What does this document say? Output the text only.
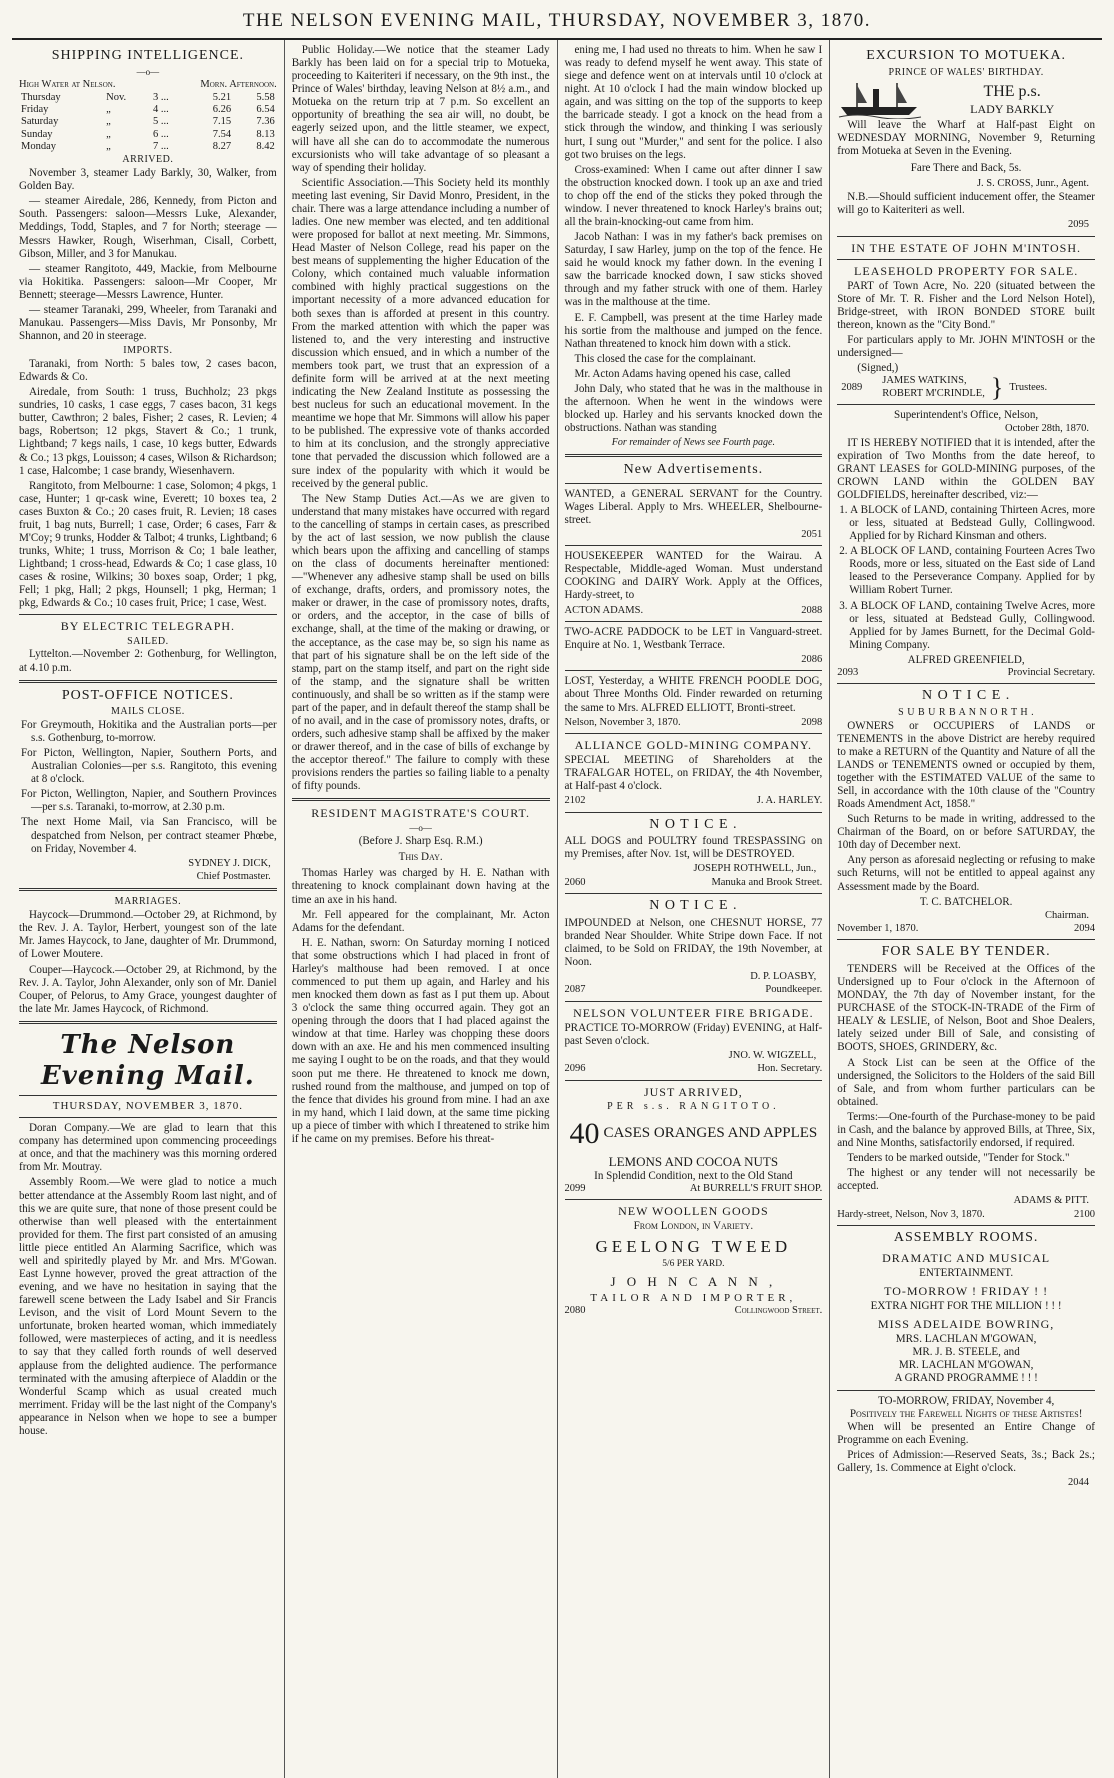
THE NELSON EVENING MAIL, THURSDAY, NOVEMBER 3, 1870.
SHIPPING INTELLIGENCE.
—o—
High Water at Nelson.	Morn. Afternoon.
Thursday	Nov.	3 ...	5.21	5.58
Friday	„	4 ...	6.26	6.54
Saturday	„	5 ...	7.15	7.36
Sunday	„	6 ...	7.54	8.13
Monday	„	7 ...	8.27	8.42
ARRIVED.

November 3, steamer Lady Barkly, 30, Walker, from Golden Bay.

— steamer Airedale, 286, Kennedy, from Picton and South. Passengers: saloon—Messrs Luke, Alexander, Meddings, Todd, Staples, and 7 for North; steerage — Messrs Hawker, Rough, Wiserhman, Cisall, Corbett, Gibson, Miller, and 3 for Manukau.

— steamer Rangitoto, 449, Mackie, from Melbourne via Hokitika. Passengers: saloon—Mr Cooper, Mr Bennett; steerage—Messrs Lawrence, Hunter.

— steamer Taranaki, 299, Wheeler, from Taranaki and Manukau. Passengers—Miss Davis, Mr Ponsonby, Mr Shannon, and 20 in steerage.

IMPORTS.

Taranaki, from North: 5 bales tow, 2 cases bacon, Edwards & Co.

Airedale, from South: 1 truss, Buchholz; 23 pkgs sundries, 10 casks, 1 case eggs, 7 cases bacon, 31 kegs butter, Cawthron; 2 bales, Fisher; 2 cases, R. Levien; 4 bags, Robertson; 12 pkgs, Stavert & Co.; 1 trunk, Lightband; 7 kegs nails, 1 case, 10 kegs butter, Edwards & Co.; 13 pkgs, Louisson; 4 cases, Wilson & Richardson; 1 case, Halcombe; 1 case brandy, Wiesenhavern.

Rangitoto, from Melbourne: 1 case, Solomon; 4 pkgs, 1 case, Hunter; 1 qr-cask wine, Everett; 10 boxes tea, 2 cases Buxton & Co.; 20 cases fruit, R. Levien; 18 cases fruit, 1 bag nuts, Burrell; 1 case, Order; 6 cases, Farr & M'Coy; 9 trunks, Hodder & Talbot; 4 trunks, Lightband; 6 trunks, White; 1 truss, Morrison & Co; 1 bale leather, Lightband; 1 cross-head, Edwards & Co; 1 case glass, 10 cases & rosine, Wilkins; 30 boxes soap, Order; 1 pkg, Fell; 1 pkg, Hall; 2 pkgs, Hounsell; 1 pkg, Herman; 1 pkg, Edwards & Co.; 10 cases fruit, Price; 1 case, West.

BY ELECTRIC TELEGRAPH.
SAILED.

Lyttelton.—November 2: Gothenburg, for Wellington, at 4.10 p.m.

POST-OFFICE NOTICES.
MAILS CLOSE.

For Greymouth, Hokitika and the Australian ports—per s.s. Gothenburg, to-morrow.

For Picton, Wellington, Napier, Southern Ports, and Australian Colonies—per s.s. Rangitoto, this evening at 8 o'clock.

For Picton, Wellington, Napier, and Southern Provinces—per s.s. Taranaki, to-morrow, at 2.30 p.m.

The next Home Mail, via San Francisco, will be despatched from Nelson, per contract steamer Phœbe, on Friday, November 4.

SYDNEY J. DICK,
Chief Postmaster.
MARRIAGES.

Haycock—Drummond.—October 29, at Richmond, by the Rev. J. A. Taylor, Herbert, youngest son of the late Mr. James Haycock, to Jane, daughter of Mr. Drummond, of Lower Moutere.

Couper—Haycock.—October 29, at Richmond, by the Rev. J. A. Taylor, John Alexander, only son of Mr. Daniel Couper, of Pelorus, to Amy Grace, youngest daughter of the late Mr. James Haycock, of Richmond.

The Nelson Evening Mail.
THURSDAY, NOVEMBER 3, 1870.

Doran Company.—We are glad to learn that this company has determined upon commencing proceedings at once, and that the machinery was this morning ordered from Mr. Moutray.

Assembly Room.—We were glad to notice a much better attendance at the Assembly Room last night, and of this we are quite sure, that none of those present could be otherwise than well pleased with the entertainment provided for them. The first part consisted of an amusing little piece entitled An Alarming Sacrifice, which was well and spiritedly played by Mr. and Mrs. M'Gowan. East Lynne however, proved the great attraction of the evening, and we have no hesitation in saying that the farewell scene between the Lady Isabel and Sir Francis Levison, and the visit of Lord Mount Severn to the unfortunate, broken hearted woman, which immediately followed, were masterpieces of acting, and it is needless to say that they called forth rounds of well deserved applause from the delighted audience. The performance terminated with the amusing afterpiece of Aladdin or the Wonderful Scamp which as usual created much merriment. Friday will be the last night of the Company's appearance in Nelson when we hope to see a bumper house.

Public Holiday.—We notice that the steamer Lady Barkly has been laid on for a special trip to Motueka, proceeding to Kaiteriteri if necessary, on the 9th inst., the Prince of Wales' birthday, leaving Nelson at 8½ a.m., and Motueka on the return trip at 7 p.m. So excellent an opportunity of breathing the sea air will, no doubt, be eagerly seized upon, and the little steamer, we expect, will have all she can do to accommodate the numerous excursionists who will take advantage of so pleasant a way of spending their holiday.

Scientific Association.—This Society held its monthly meeting last evening, Sir David Monro, President, in the chair. There was a large attendance including a number of ladies. One new member was elected, and ten additional were proposed for ballot at next meeting. Mr. Simmons, Head Master of Nelson College, read his paper on the best means of supplementing the higher Education of the Colony, which contained much valuable information combined with highly practical suggestions on the important necessity of a more advanced education for both sexes than is afforded at present in this country. From the marked attention with which the paper was listened to, and the very interesting and instructive discussion which ensued, and in which a number of the members took part, we trust that an expression of a definite form will be arrived at at the next meeting indicating the New Zealand Institute as possessing the best nucleus for such an educational movement. In the meantime we hope that Mr. Simmons will allow his paper to be published. The expressive vote of thanks accorded to him at its conclusion, and the strongly appreciative tone that pervaded the discussion which followed are a sure index of the popularity with which it would be received by the general public.

The New Stamp Duties Act.—As we are given to understand that many mistakes have occurred with regard to the cancelling of stamps in certain cases, as prescribed by the act of last session, we now publish the clause which bears upon the affixing and cancelling of stamps on the class of documents hereinafter mentioned:—"Whenever any adhesive stamp shall be used on bills of exchange, drafts, orders, and promissory notes, the maker or drawer, in the case of promissory notes, drafts, or orders, and the acceptor, in the case of bills of exchange, shall, at the time of the making or drawing, or the acceptance, as the case may be, so sign his name as that part of his signature shall be on the left side of the stamp, part on the stamp itself, and part on the right side of the stamp, and the signature shall be written continuously, and shall be so written as if the stamp were part of the paper, and in default thereof the stamp shall be of no avail, and in the case of promissory notes, drafts, or orders, such adhesive stamp shall be affixed by the maker or drawer thereof, and in the case of bills of exchange by the acceptor thereof." The failure to comply with these provisions renders the parties so failing liable to a penalty of fifty pounds.

RESIDENT MAGISTRATE'S COURT.
—o—
(Before J. Sharp Esq. R.M.)
This Day.

Thomas Harley was charged by H. E. Nathan with threatening to knock complainant down having at the time an axe in his hand.

Mr. Fell appeared for the complainant, Mr. Acton Adams for the defendant.

H. E. Nathan, sworn: On Saturday morning I noticed that some obstructions which I had placed in front of Harley's malthouse had been removed. I at once commenced to put them up again, and Harley and his men knocked them down as fast as I put them up. About 3 o'clock the same thing occurred again. They got an opening through the doors that I had placed against the window at that time. Harley was chopping these doors down with an axe. He and his men commenced insulting me saying I ought to be on the roads, and that they would soon put me there. He threatened to knock me down, rushed round from the malthouse, and jumped on top of the fence that divides his ground from mine. I had an axe in my hand, which I laid down, at the same time picking up a piece of timber with which I threatened to strike him if he came on my premises. Before his threat-

ening me, I had used no threats to him. When he saw I was ready to defend myself he went away. This state of siege and defence went on at intervals until 10 o'clock at night. At 10 o'clock I had the main window blocked up again, and was sitting on the top of the supports to keep the barricade steady. I got a knock on the head from a stick through the window, and thinking I was seriously hurt, I sung out "Murder," and sent for the police. I also got two bruises on the legs.

Cross-examined: When I came out after dinner I saw the obstruction knocked down. I took up an axe and tried to chop off the end of the sticks they poked through the window. I never threatened to knock Harley's brains out; all the brain-knocking-out came from him.

Jacob Nathan: I was in my father's back premises on Saturday, I saw Harley, jump on the top of the fence. He said he would knock my father down. In the evening I saw the barricade knocked down, I saw sticks shoved through and my father struck with one of them. Harley was in the malthouse at the time.

E. F. Campbell, was present at the time Harley made his sortie from the malthouse and jumped on the fence. Nathan threatened to knock him down with a stick.

This closed the case for the complainant.

Mr. Acton Adams having opened his case, called

John Daly, who stated that he was in the malthouse in the afternoon. When he went in the windows were blocked up. Harley and his servants knocked down the obstructions. Nathan was standing

For remainder of News see Fourth page.
New Advertisements.

WANTED, a GENERAL SERVANT for the Country. Wages Liberal. Apply to Mrs. WHEELER, Shelbourne-street.

2051

HOUSEKEEPER WANTED for the Wairau. A Respectable, Middle-aged Woman. Must understand COOKING and DAIRY Work. Apply at the Offices, Hardy-street, to

ACTON ADAMS.	2088

TWO-ACRE PADDOCK to be LET in Vanguard-street. Enquire at No. 1, Westbank Terrace.

2086

LOST, Yesterday, a WHITE FRENCH POODLE DOG, about Three Months Old. Finder rewarded on returning the same to Mrs. ALFRED ELLIOTT, Bronti-street.

Nelson, November 3, 1870.	2098
ALLIANCE GOLD-MINING COMPANY.

SPECIAL MEETING of Shareholders at the TRAFALGAR HOTEL, on FRIDAY, the 4th November, at Half-past 4 o'clock.

2102	J. A. HARLEY.
N O T I C E .

ALL DOGS and POULTRY found TRESPASSING on my Premises, after Nov. 1st, will be DESTROYED.

JOSEPH ROTHWELL, Jun.,
2060	Manuka and Brook Street.
N O T I C E .

IMPOUNDED at Nelson, one CHESNUT HORSE, 77 branded Near Shoulder. White Stripe down Face. If not claimed, to be Sold on FRIDAY, the 19th November, at Noon.

D. P. LOASBY,
2087	Poundkeeper.
NELSON VOLUNTEER FIRE BRIGADE.

PRACTICE TO-MORROW (Friday) EVENING, at Half-past Seven o'clock.

JNO. W. WIGZELL,
2096	Hon. Secretary.
JUST ARRIVED,
PER s.s. RANGITOTO.
40 CASES ORANGES AND APPLES
LEMONS AND COCOA NUTS
In Splendid Condition, next to the Old Stand
2099	At BURRELL'S FRUIT SHOP.
NEW WOOLLEN GOODS
From London, in Variety.
GEELONG TWEED
5/6 PER YARD.
J O H N C A N N ,
TAILOR AND IMPORTER,
2080	Collingwood Street.
EXCURSION TO MOTUEKA.
PRINCE OF WALES' BIRTHDAY.
THE p.s.
LADY BARKLY

Will leave the Wharf at Half-past Eight on WEDNESDAY MORNING, November 9, Returning from Motueka at Seven in the Evening.

Fare There and Back, 5s.
J. S. CROSS, Junr., Agent.

N.B.—Should sufficient inducement offer, the Steamer will go to Kaiteriteri as well.

2095
IN THE ESTATE OF JOHN M'INTOSH.
LEASEHOLD PROPERTY FOR SALE.

PART of Town Acre, No. 220 (situated between the Store of Mr. T. R. Fisher and the Lord Nelson Hotel), Bridge-street, with IRON BONDED STORE built thereon, known as the "City Bond."

For particulars apply to Mr. JOHN M'INTOSH or the undersigned—

(Signed,)
2089
JAMES WATKINS,
ROBERT M'CRINDLE, } Trustees.
Superintendent's Office, Nelson,
October 28th, 1870.

IT IS HEREBY NOTIFIED that it is intended, after the expiration of Two Months from the date hereof, to GRANT LEASES for GOLD-MINING purposes, of the CROWN LAND within the GOLDEN BAY GOLDFIELDS, hereinafter described, viz:—

1. A BLOCK of LAND, containing Thirteen Acres, more or less, situated at Bedstead Gully, Collingwood. Applied for by Richard Kinsman and others.

2. A BLOCK OF LAND, containing Fourteen Acres Two Roods, more or less, situated on the East side of Land leased to the Perseverance Company. Applied for by William Robert Turner.

3. A BLOCK OF LAND, containing Twelve Acres, more or less, situated at Bedstead Gully, Collingwood. Applied for by James Burnett, for the Decimal Gold-Mining Company.

ALFRED GREENFIELD,
2093	Provincial Secretary.
N O T I C E .
S U B U R B A N N O R T H .

OWNERS or OCCUPIERS of LANDS or TENEMENTS in the above District are hereby required to make a RETURN of the Quantity and Nature of all the LANDS or TENEMENTS owned or occupied by them, together with the ESTIMATED VALUE of the same to Sell, in accordance with the 10th clause of the "Country Roads Amendment Act, 1858."

Such Returns to be made in writing, addressed to the Chairman of the Board, on or before SATURDAY, the 10th day of December next.

Any person as aforesaid neglecting or refusing to make such Returns, will not be entitled to appeal against any Assessment made by the Board.

T. C. BATCHELOR.
Chairman.
November 1, 1870.	2094
FOR SALE BY TENDER.

TENDERS will be Received at the Offices of the Undersigned up to Four o'clock in the Afternoon of MONDAY, the 7th day of November instant, for the PURCHASE of the STOCK-IN-TRADE of the Firm of HEALY & LESLIE, of Nelson, Boot and Shoe Dealers, lately seized under Bill of Sale, and consisting of BOOTS, SHOES, GRINDERY, &c.

A Stock List can be seen at the Office of the undersigned, the Solicitors to the Holders of the said Bill of Sale, and from whom further particulars can be obtained.

Terms:—One-fourth of the Purchase-money to be paid in Cash, and the balance by approved Bills, at Three, Six, and Nine Months, satisfactorily endorsed, if required.

Tenders to be marked outside, "Tender for Stock."

The highest or any tender will not necessarily be accepted.

ADAMS & PITT.
Hardy-street, Nelson, Nov 3, 1870.	2100
ASSEMBLY ROOMS.
DRAMATIC AND MUSICAL
ENTERTAINMENT.
TO-MORROW ! FRIDAY ! !
EXTRA NIGHT FOR THE MILLION ! ! !
MISS ADELAIDE BOWRING,
MRS. LACHLAN M'GOWAN,
MR. J. B. STEELE, and
MR. LACHLAN M'GOWAN,
A GRAND PROGRAMME ! ! !
TO-MORROW, FRIDAY, November 4,
Positively the Farewell Nights of these Artistes!

When will be presented an Entire Change of Programme on each Evening.

Prices of Admission:—Reserved Seats, 3s.; Back 2s.; Gallery, 1s. Commence at Eight o'clock.

2044
